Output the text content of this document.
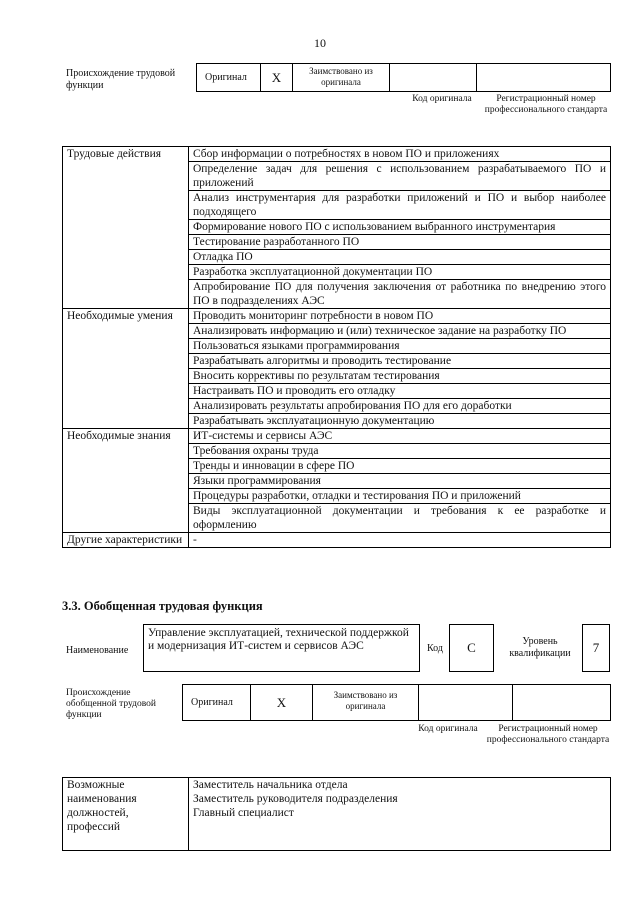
10
Происхождение трудовой функции
Оригинал	X	Заимствовано из оригинала
Код оригинала	Регистрационный номер профессионального стандарта
Трудовые действия	Сбор информации о потребностях в новом ПО и приложениях
	Определение задач для решения с использованием разрабатываемого ПО и приложений
	Анализ инструментария для разработки приложений и ПО и выбор наиболее подходящего
	Формирование нового ПО с использованием выбранного инструментария
	Тестирование разработанного ПО
	Отладка ПО
	Разработка эксплуатационной документации ПО
	Апробирование ПО для получения заключения от работника по внедрению этого ПО в подразделениях АЭС
Необходимые умения	Проводить мониторинг потребности в новом ПО
	Анализировать информацию и (или) техническое задание на разработку ПО
	Пользоваться языками программирования
	Разрабатывать алгоритмы и проводить тестирование
	Вносить коррективы по результатам тестирования
	Настраивать ПО и проводить его отладку
	Анализировать результаты апробирования ПО для его доработки
	Разрабатывать эксплуатационную документацию
Необходимые знания	ИТ-системы и сервисы АЭС
	Требования охраны труда
	Тренды и инновации в сфере ПО
	Языки программирования
	Процедуры разработки, отладки и тестирования ПО и приложений
	Виды эксплуатационной документации и требования к ее разработке и оформлению
Другие характеристики	-
3.3. Обобщенная трудовая функция
Наименование
Управление эксплуатацией, технической поддержкой и модернизация ИТ-систем и сервисов АЭС	Код	C	Уровень квалификации	7
Происхождение обобщенной трудовой функции
Оригинал	X	Заимствовано из оригинала
Код оригинала	Регистрационный номер профессионального стандарта
Возможные наименования должностей, профессий	
Заместитель начальника отдела
Заместитель руководителя подразделения
Главный специалист
